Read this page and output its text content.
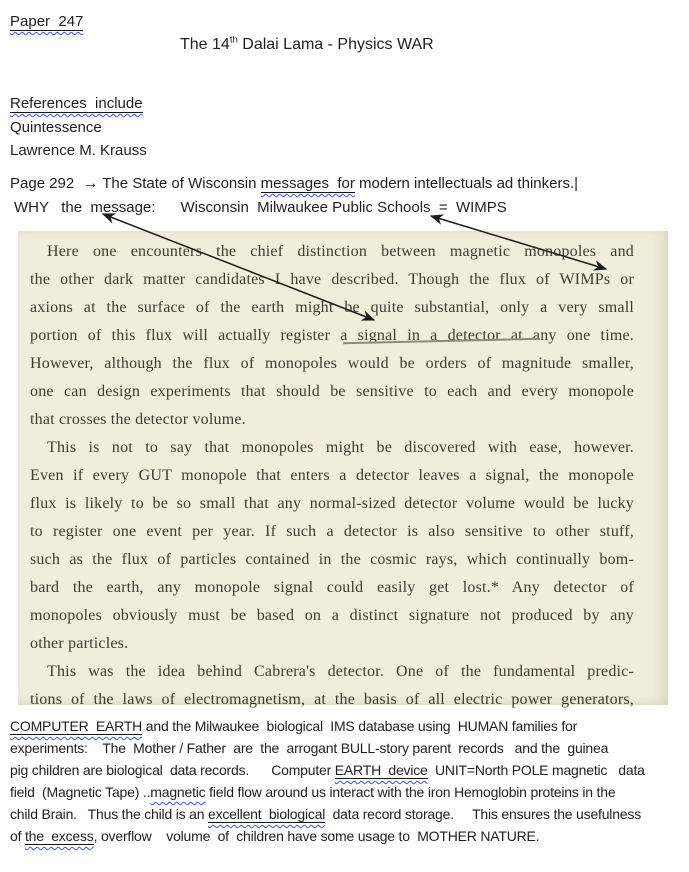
Paper  247
The 14th Dalai Lama - Physics WAR
References  include
Quintessence
Lawrence M. Krauss
Page 292  → The State of Wisconsin messages  for modern intellectuals ad thinkers.|
WHY   the  message:      Wisconsin  Milwaukee Public Schools  =  WIMPS
Here one encounters the chief distinction between magnetic monopoles and
the other dark matter candidates I have described. Though the flux of WIMPs or
axions at the surface of the earth might be quite substantial, only a very small
portion of this flux will actually register a signal in a detector at any one time.
However, although the flux of monopoles would be orders of magnitude smaller,
one can design experiments that should be sensitive to each and every monopole
that crosses the detector volume.
This is not to say that monopoles might be discovered with ease, however.
Even if every GUT monopole that enters a detector leaves a signal, the monopole
flux is likely to be so small that any normal-sized detector volume would be lucky
to register one event per year. If such a detector is also sensitive to other stuff,
such as the flux of particles contained in the cosmic rays, which continually bom-
bard the earth, any monopole signal could easily get lost.* Any detector of
monopoles obviously must be based on a distinct signature not produced by any
other particles.
This was the idea behind Cabrera's detector. One of the fundamental predic-
tions of the laws of electromagnetism, at the basis of all electric power generators,
COMPUTER  EARTH and the Milwaukee  biological  IMS database using  HUMAN families for
experiments:    The  Mother / Father  are  the  arrogant BULL-story parent  records   and the  guinea
pig children are biological  data records.      Computer EARTH  device  UNIT=North POLE magnetic   data
field  (Magnetic Tape) ..magnetic field flow around us interact with the iron Hemoglobin proteins in the
child Brain.   Thus the child is an excellent  biological  data record storage.     This ensures the usefulness
of the  excess, overflow    volume  of  children have some usage to  MOTHER NATURE.
